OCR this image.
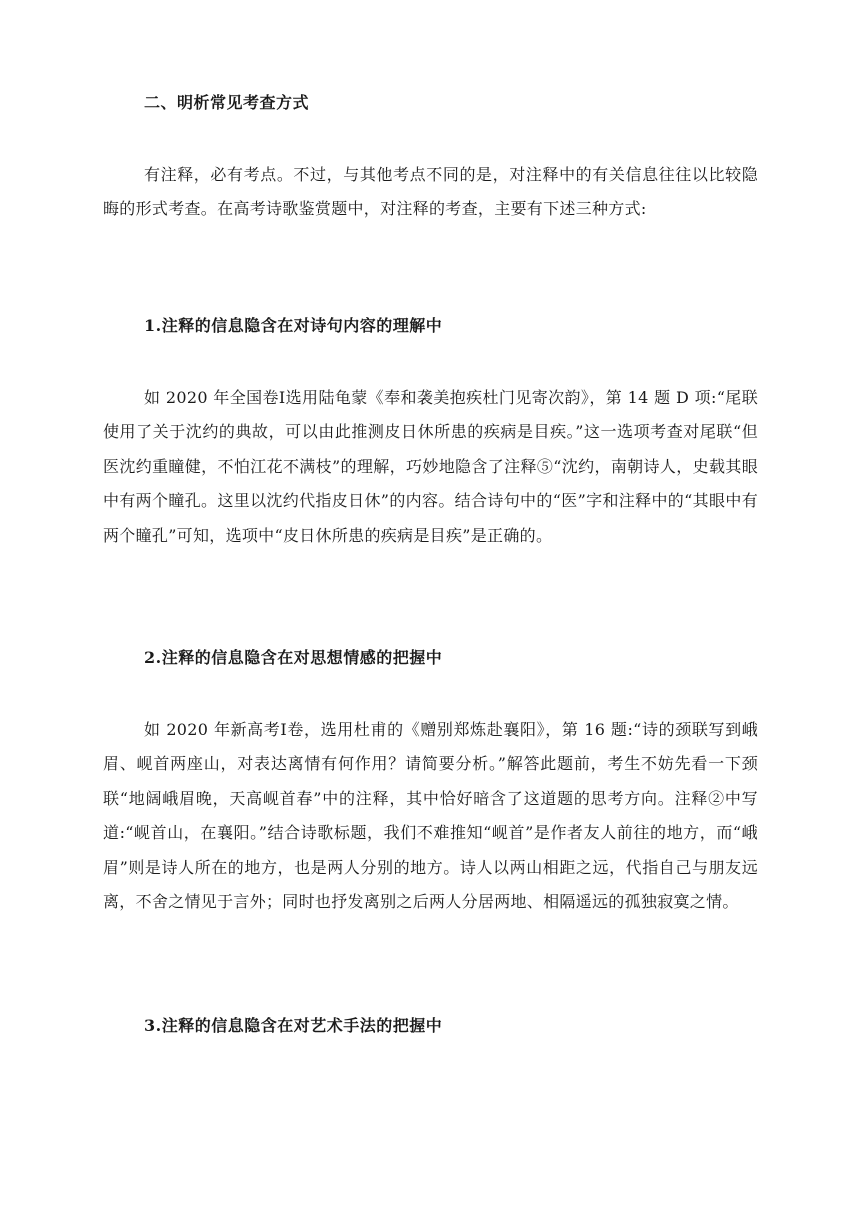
二、明析常见考查方式

有注释，必有考点。不过，与其他考点不同的是，对注释中的有关信息往往以比较隐晦的形式考查。在高考诗歌鉴赏题中，对注释的考查，主要有下述三种方式:

1.注释的信息隐含在对诗句内容的理解中

如 2020 年全国卷Ⅰ选用陆龟蒙《奉和袭美抱疾杜门见寄次韵》，第 14 题 D 项:“尾联使用了关于沈约的典故，可以由此推测皮日休所患的疾病是目疾。”这一选项考查对尾联“但医沈约重瞳健，不怕江花不满枝”的理解，巧妙地隐含了注释⑤“沈约，南朝诗人，史载其眼中有两个瞳孔。这里以沈约代指皮日休”的内容。结合诗句中的“医”字和注释中的“其眼中有两个瞳孔”可知，选项中“皮日休所患的疾病是目疾”是正确的。

2.注释的信息隐含在对思想情感的把握中

如 2020 年新高考Ⅰ卷，选用杜甫的《赠别郑炼赴襄阳》，第 16 题:“诗的颈联写到峨眉、岘首两座山，对表达离情有何作用？请简要分析。”解答此题前，考生不妨先看一下颈联“地阔峨眉晚，天高岘首春”中的注释，其中恰好暗含了这道题的思考方向。注释②中写道:“岘首山，在襄阳。”结合诗歌标题，我们不难推知“岘首”是作者友人前往的地方，而“峨眉”则是诗人所在的地方，也是两人分别的地方。诗人以两山相距之远，代指自己与朋友远离，不舍之情见于言外；同时也抒发离别之后两人分居两地、相隔遥远的孤独寂寞之情。

3.注释的信息隐含在对艺术手法的把握中
